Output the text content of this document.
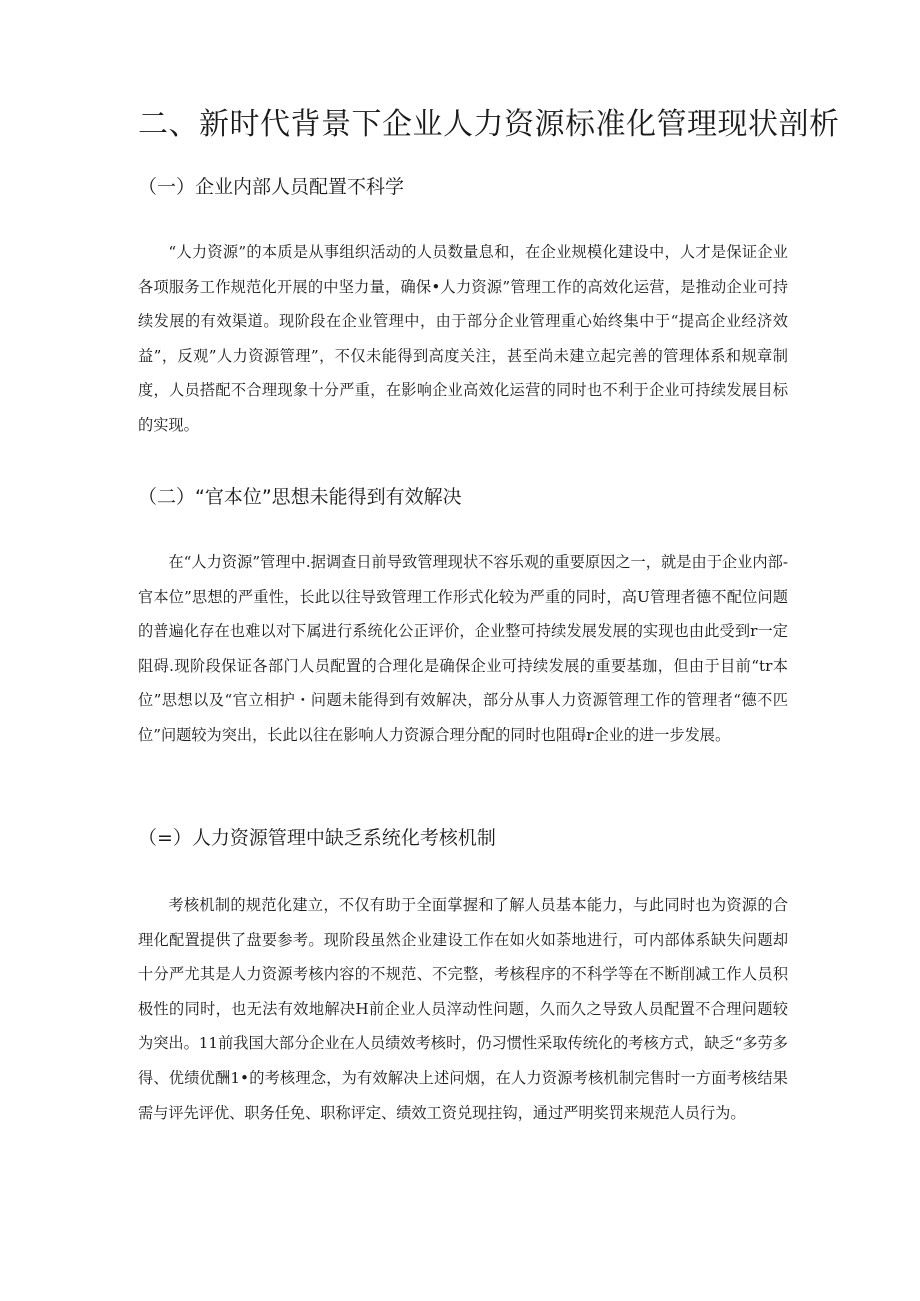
二、新时代背景下企业人力资源标准化管理现状剖析
（一）企业内部人员配置不科学

“人力资源”的本质是从事组织活动的人员数量息和，在企业规模化建设中，人才是保证企业各项服务工作规范化开展的中坚力量，确保•人力资源”管理工作的高效化运营，是推动企业可持续发展的有效渠道。现阶段在企业管理中，由于部分企业管理重心始终集中于“提高企业经济效益”，反观”人力资源管理”，不仅未能得到高度关注，甚至尚未建立起完善的管理体系和规章制度，人员搭配不合理现象十分严重，在影响企业高效化运营的同时也不利于企业可持续发展目标的实现。

（二）“官本位”思想未能得到有效解决

在“人力资源”管理中.据调查日前导致管理现状不容乐观的重要原因之一，就是由于企业内部-官本位”思想的严重性，长此以往导致管理工作形式化较为严重的同时，高U管理者德不配位问题的普遍化存在也难以对下属进行系统化公正评价，企业整可持续发展发展的实现也由此受到r一定阻碍.现阶段保证各部门人员配置的合理化是确保企业可持续发展的重要基珈，但由于目前“tr本位”思想以及“官立相护・问题未能得到有效解决，部分从事人力资源管理工作的管理者“德不匹位”问题较为突出，长此以往在影响人力资源合理分配的同时也阻碍r企业的进一步发展。

（=）人力资源管理中缺乏系统化考核机制

考核机制的规范化建立，不仅有助于全面掌握和了解人员基本能力，与此同时也为资源的合理化配置提供了盘要参考。现阶段虽然企业建设工作在如火如荼地进行，可内部体系缺失问题却十分严尤其是人力资源考核内容的不规范、不完整，考核程序的不科学等在不断削减工作人员积极性的同时，也无法有效地解决H前企业人员滓动性问题，久而久之导致人员配置不合理问题较为突出。11前我国大部分企业在人员绩效考核时，仍习惯性采取传统化的考核方式，缺乏“多劳多得、优绩优酬1•的考核理念，为有效解决上述问烟，在人力资源考核机制完售时一方面考核结果需与评先评优、职务任免、职称评定、绩效工资兑现拄钩，通过严明奖罚来规范人员行为。
